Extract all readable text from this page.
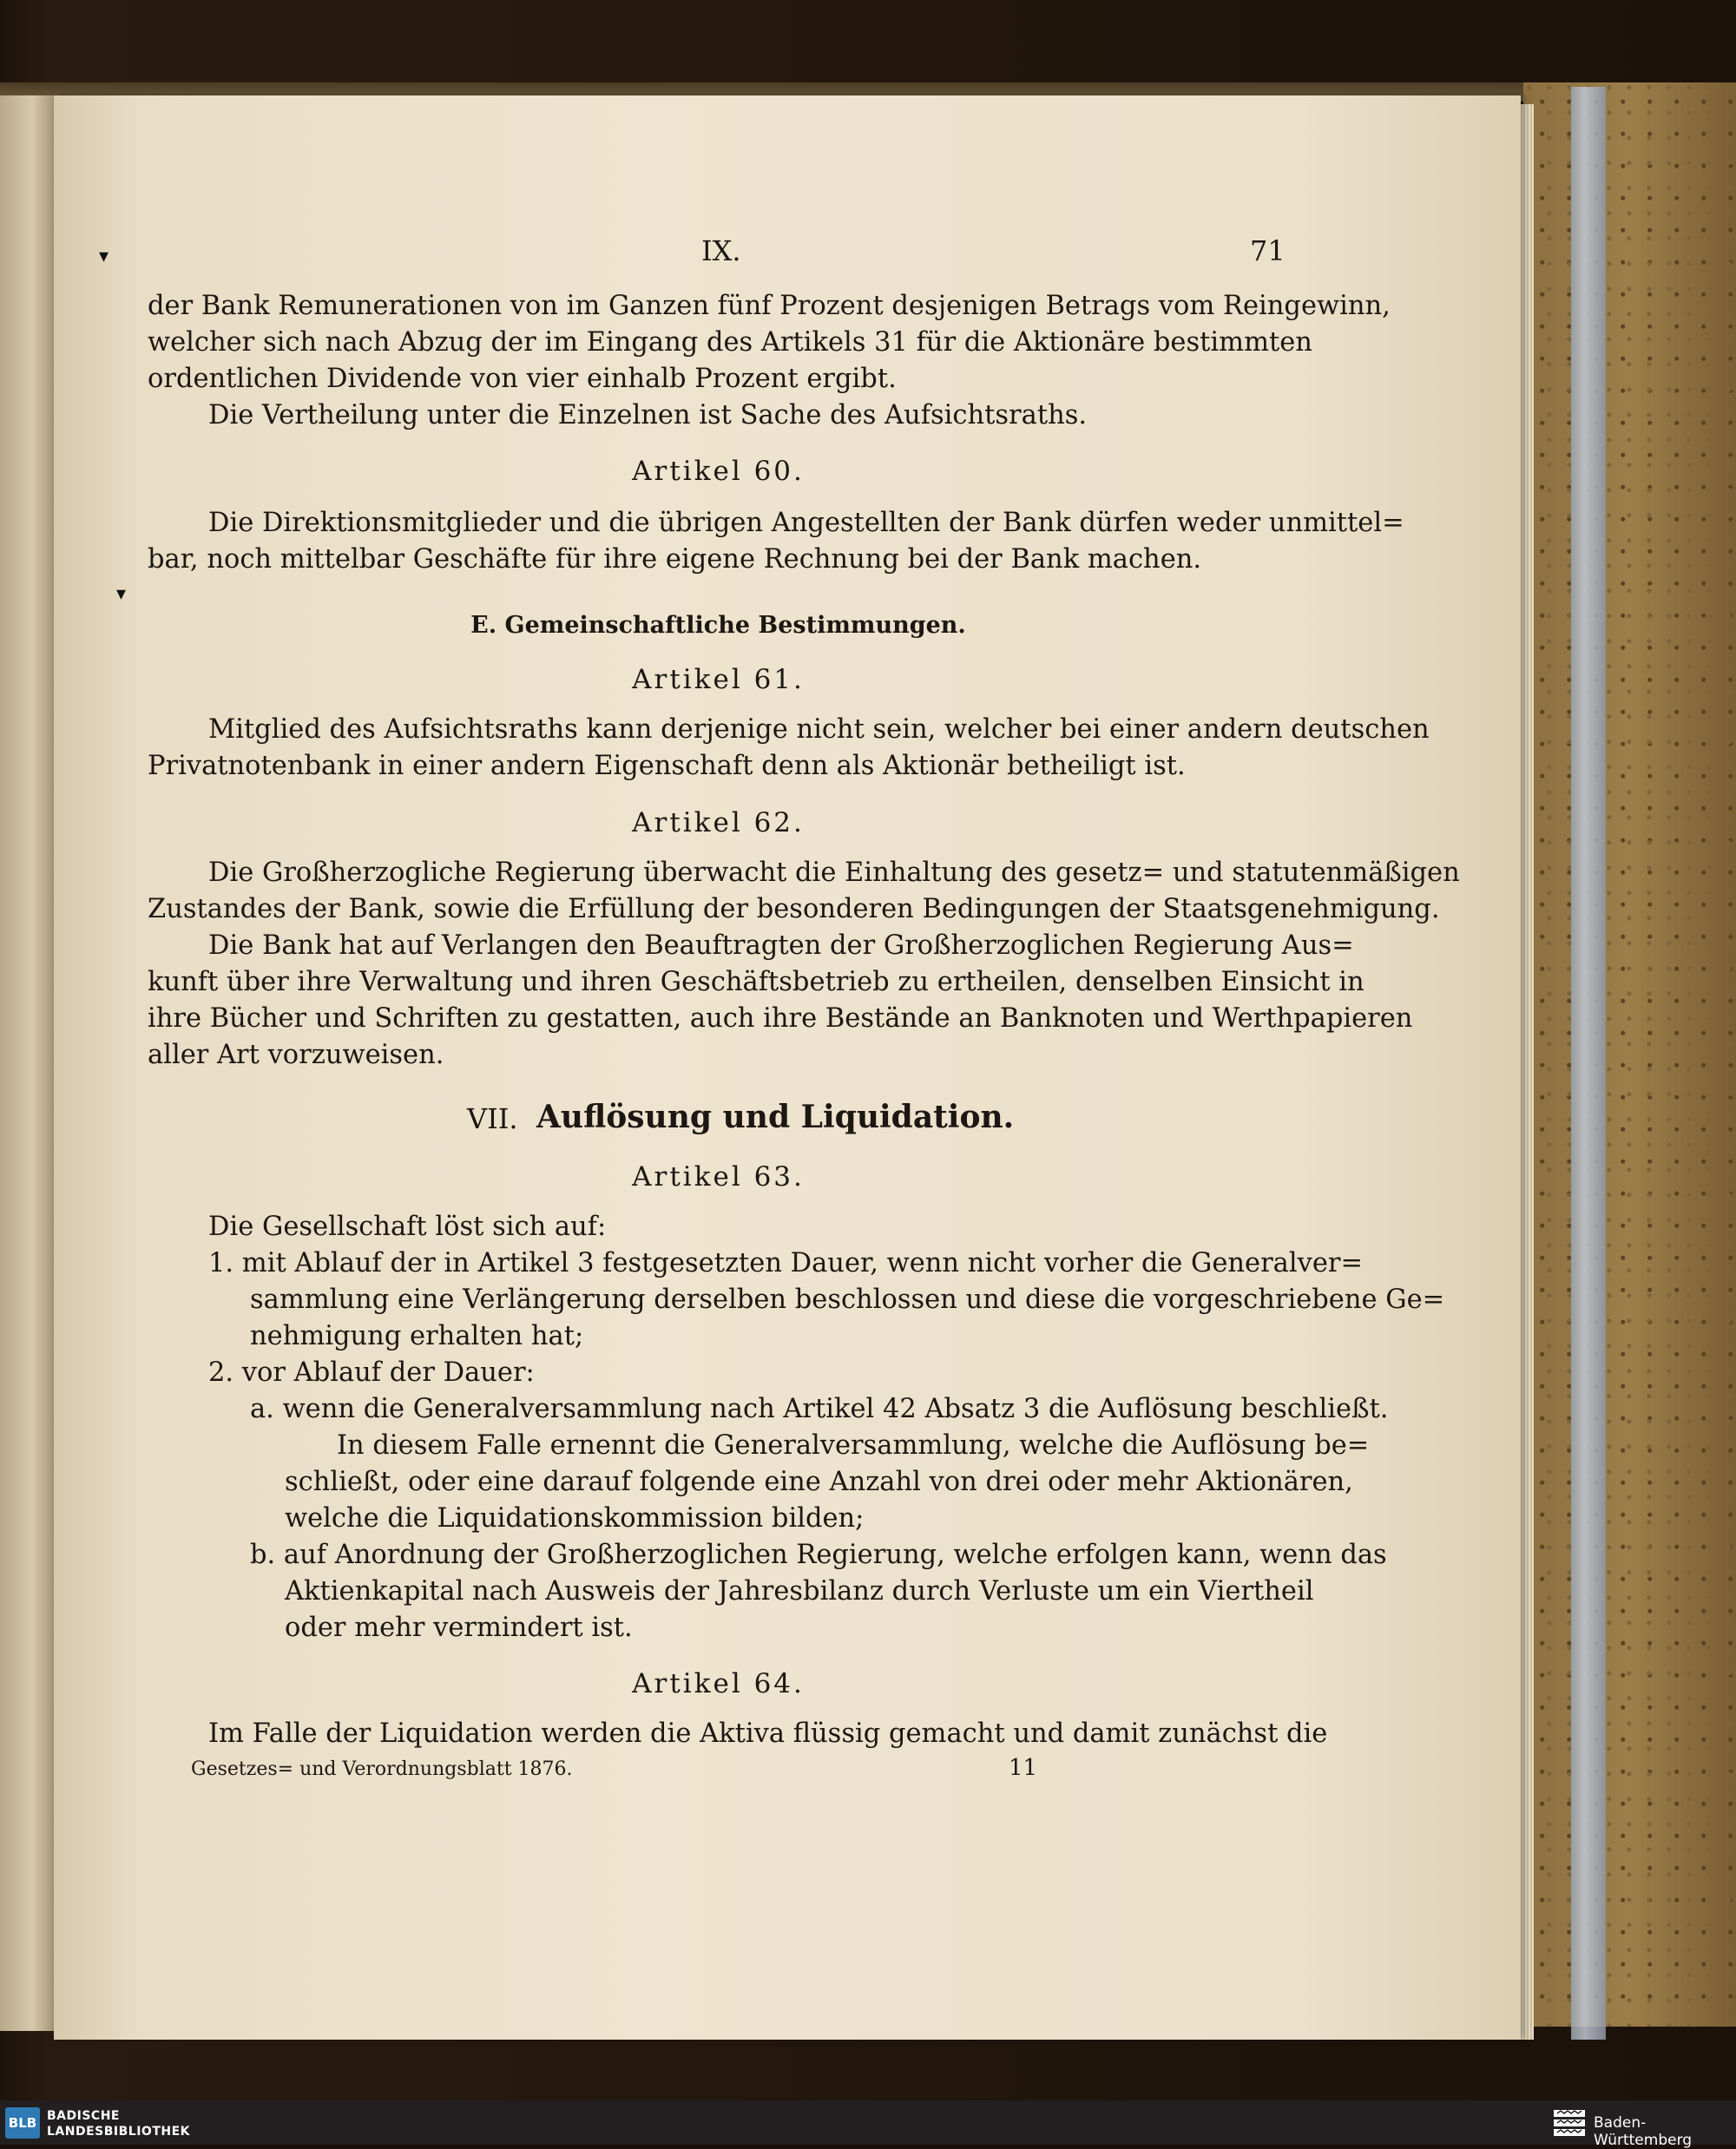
▾
▾
IX.	71
der Bank Remunerationen von im Ganzen fünf Prozent desjenigen Betrags vom Reingewinn,
welcher sich nach Abzug der im Eingang des Artikels 31 für die Aktionäre bestimmten
ordentlichen Dividende von vier einhalb Prozent ergibt.
Die Vertheilung unter die Einzelnen ist Sache des Aufsichtsraths.
Artikel 60.
Die Direktionsmitglieder und die übrigen Angestellten der Bank dürfen weder unmittel=
bar, noch mittelbar Geschäfte für ihre eigene Rechnung bei der Bank machen.
E. Gemeinschaftliche Bestimmungen.
Artikel 61.
Mitglied des Aufsichtsraths kann derjenige nicht sein, welcher bei einer andern deutschen
Privatnotenbank in einer andern Eigenschaft denn als Aktionär betheiligt ist.
Artikel 62.
Die Großherzogliche Regierung überwacht die Einhaltung des gesetz= und statutenmäßigen
Zustandes der Bank, sowie die Erfüllung der besonderen Bedingungen der Staatsgenehmigung.
Die Bank hat auf Verlangen den Beauftragten der Großherzoglichen Regierung Aus=
kunft über ihre Verwaltung und ihren Geschäftsbetrieb zu ertheilen, denselben Einsicht in
ihre Bücher und Schriften zu gestatten, auch ihre Bestände an Banknoten und Werthpapieren
aller Art vorzuweisen.
VII. Auflösung und Liquidation.
Artikel 63.
Die Gesellschaft löst sich auf:
1. mit Ablauf der in Artikel 3 festgesetzten Dauer, wenn nicht vorher die Generalver=
sammlung eine Verlängerung derselben beschlossen und diese die vorgeschriebene Ge=
nehmigung erhalten hat;
2. vor Ablauf der Dauer:
a. wenn die Generalversammlung nach Artikel 42 Absatz 3 die Auflösung beschließt.
In diesem Falle ernennt die Generalversammlung, welche die Auflösung be=
schließt, oder eine darauf folgende eine Anzahl von drei oder mehr Aktionären,
welche die Liquidationskommission bilden;
b. auf Anordnung der Großherzoglichen Regierung, welche erfolgen kann, wenn das
Aktienkapital nach Ausweis der Jahresbilanz durch Verluste um ein Viertheil
oder mehr vermindert ist.
Artikel 64.
Im Falle der Liquidation werden die Aktiva flüssig gemacht und damit zunächst die
Gesetzes= und Verordnungsblatt 1876.	11
BLB BADISCHE
LANDESBIBLIOTHEK	Baden-Württemberg
